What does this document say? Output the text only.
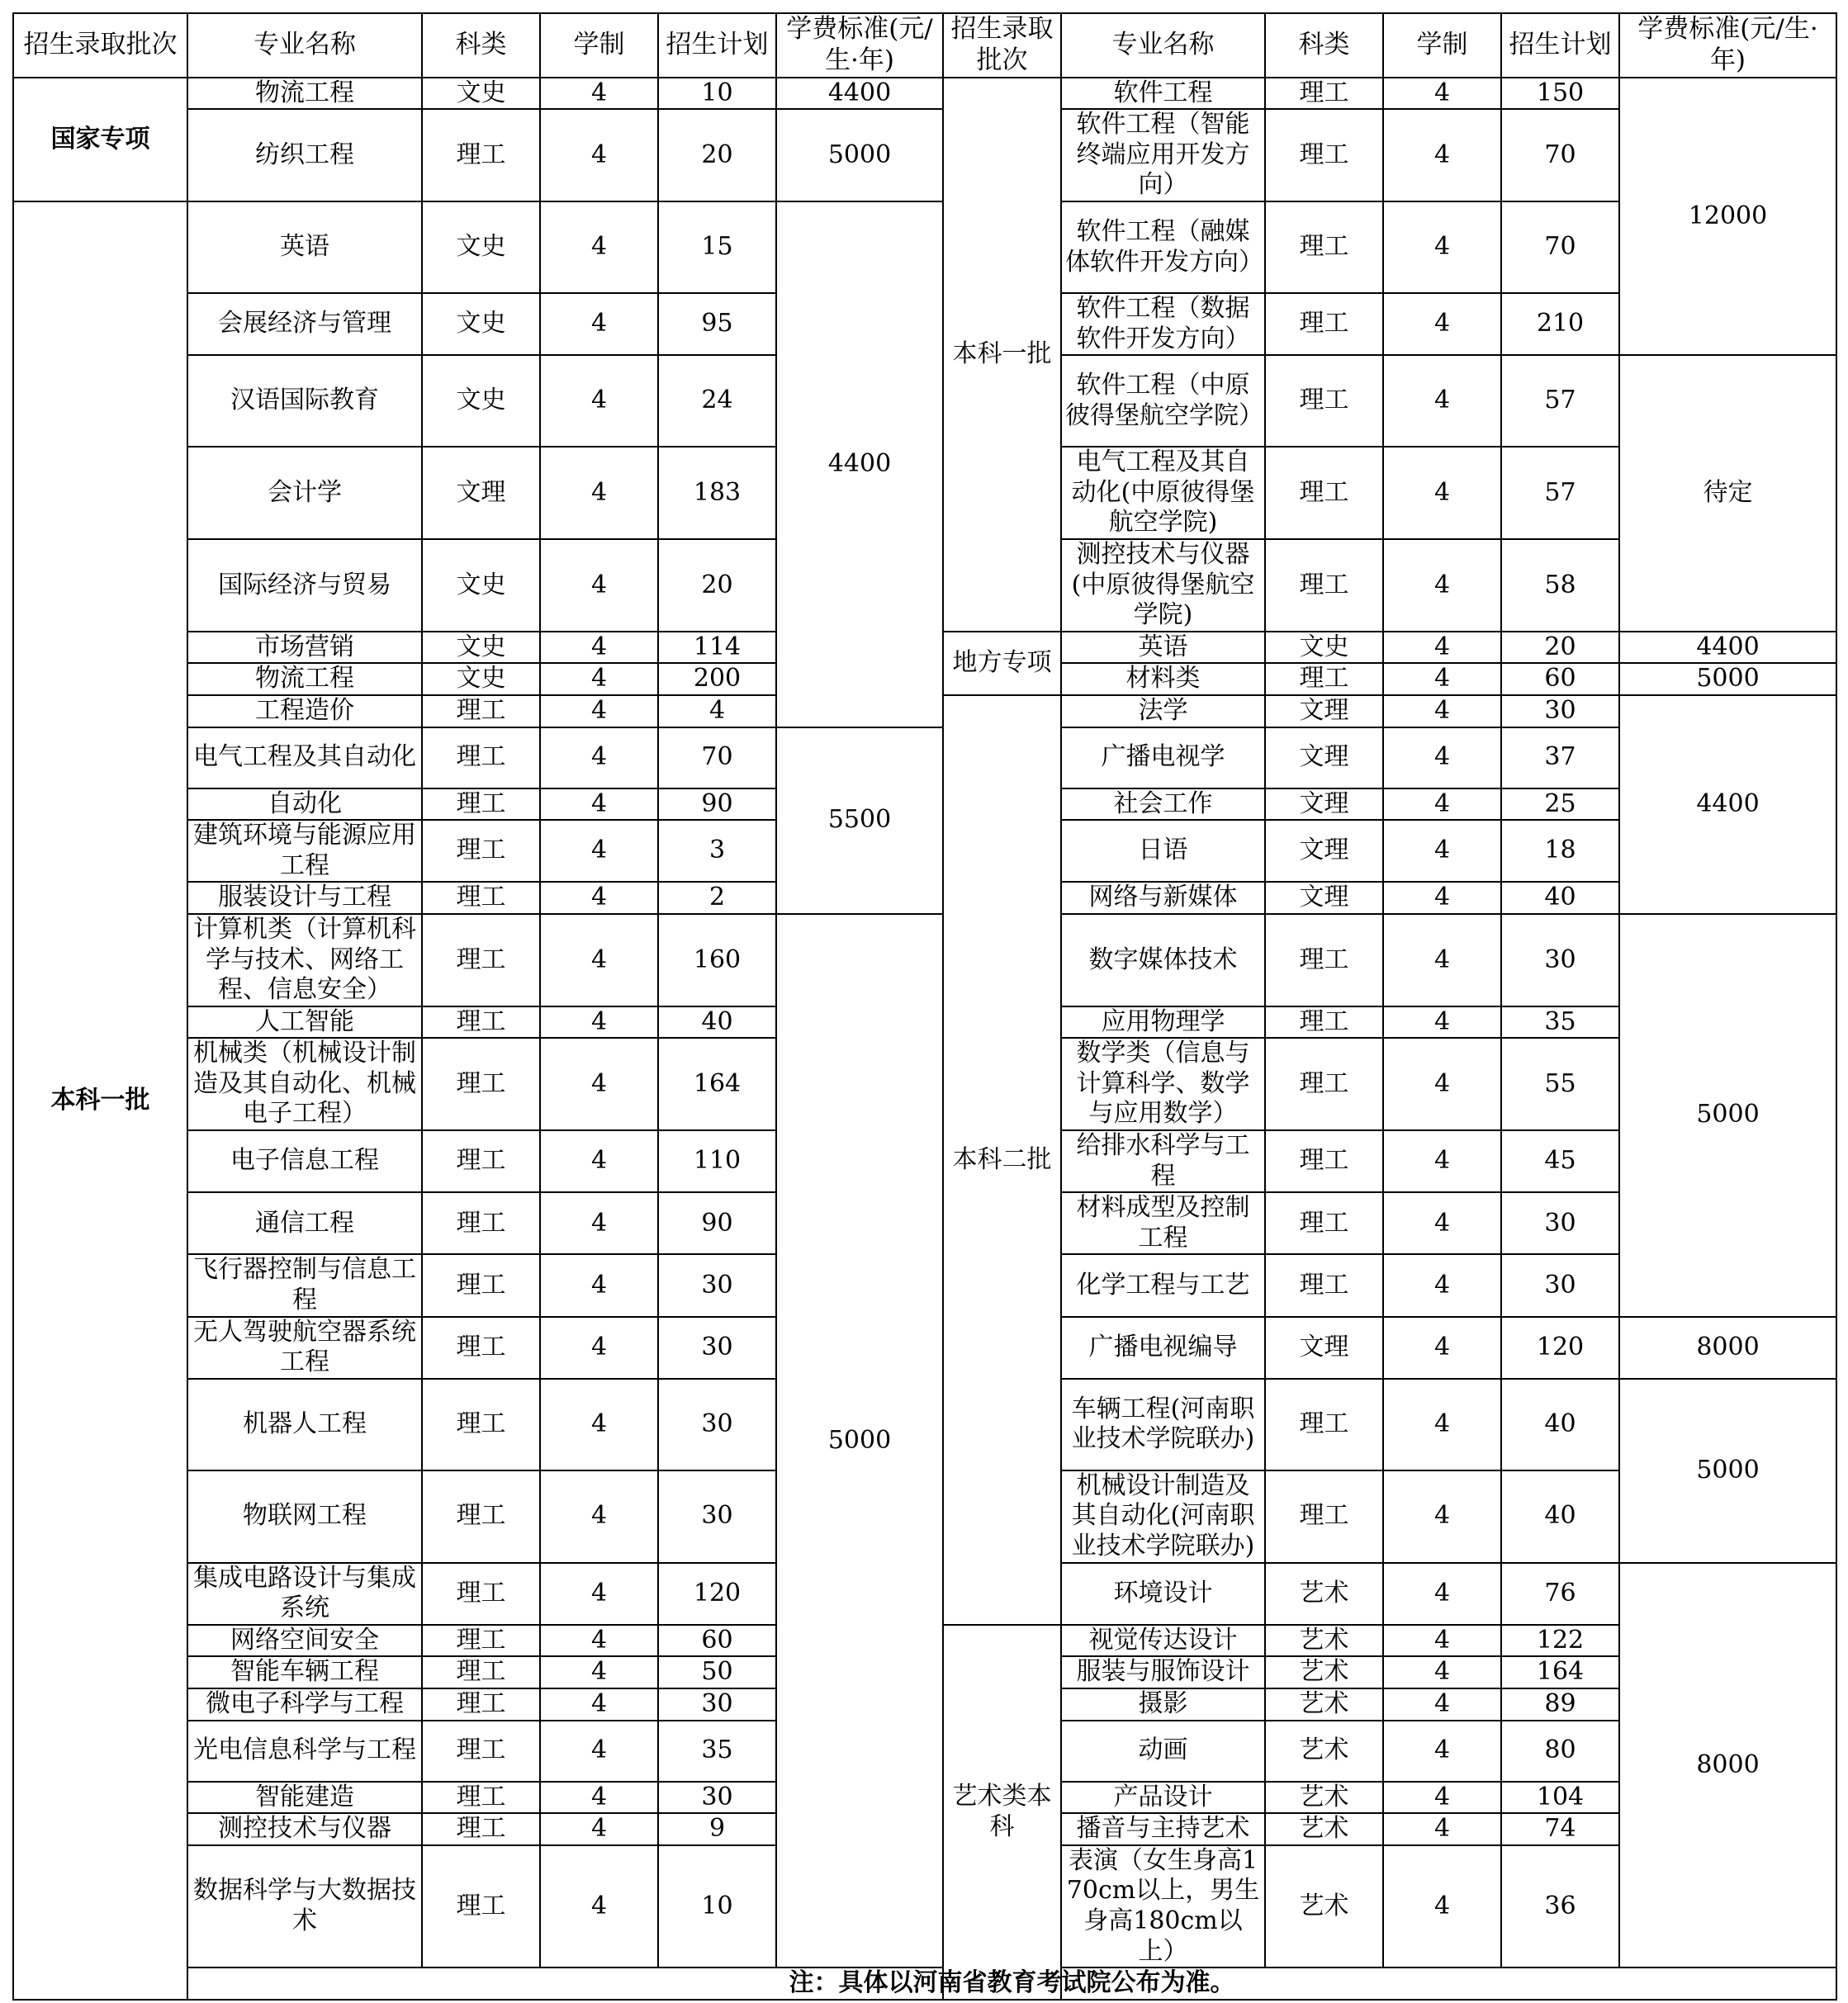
招生录取批次	专业名称	科类	学制	招生计划	学费标准(元/生·年)	招生录取批次	专业名称	科类	学制	招生计划	学费标准(元/生·年)
国家专项	物流工程	文史	4	10	4400	本科一批	软件工程	理工	4	150	12000
	纺织工程	理工	4	20	5000		软件工程（智能终端应用开发方向）	理工	4	70	
本科一批	英语	文史	4	15	4400		软件工程（融媒体软件开发方向）	理工	4	70	
	会展经济与管理	文史	4	95			软件工程（数据软件开发方向）	理工	4	210	
	汉语国际教育	文史	4	24			软件工程（中原彼得堡航空学院）	理工	4	57	待定
	会计学	文理	4	183			电气工程及其自动化(中原彼得堡航空学院)	理工	4	57	
	国际经济与贸易	文史	4	20			测控技术与仪器(中原彼得堡航空学院)	理工	4	58	
	市场营销	文史	4	114		地方专项	英语	文史	4	20	4400
	物流工程	文史	4	200			材料类	理工	4	60	5000
	工程造价	理工	4	4		本科二批	法学	文理	4	30	4400
	电气工程及其自动化	理工	4	70	5500		广播电视学	文理	4	37	
	自动化	理工	4	90			社会工作	文理	4	25	
	建筑环境与能源应用工程	理工	4	3			日语	文理	4	18	
	服装设计与工程	理工	4	2			网络与新媒体	文理	4	40	
	计算机类（计算机科学与技术、网络工程、信息安全）	理工	4	160	5000		数字媒体技术	理工	4	30	5000
	人工智能	理工	4	40			应用物理学	理工	4	35	
	机械类（机械设计制造及其自动化、机械电子工程）	理工	4	164			数学类（信息与计算科学、数学与应用数学）	理工	4	55	
	电子信息工程	理工	4	110			给排水科学与工程	理工	4	45	
	通信工程	理工	4	90			材料成型及控制工程	理工	4	30	
	飞行器控制与信息工程	理工	4	30			化学工程与工艺	理工	4	30	
	无人驾驶航空器系统工程	理工	4	30			广播电视编导	文理	4	120	8000
	机器人工程	理工	4	30			车辆工程(河南职业技术学院联办)	理工	4	40	5000
	物联网工程	理工	4	30			机械设计制造及其自动化(河南职业技术学院联办)	理工	4	40	
	集成电路设计与集成系统	理工	4	120			环境设计	艺术	4	76	8000
	网络空间安全	理工	4	60		艺术类本科	视觉传达设计	艺术	4	122	
	智能车辆工程	理工	4	50			服装与服饰设计	艺术	4	164	
	微电子科学与工程	理工	4	30			摄影	艺术	4	89	
	光电信息科学与工程	理工	4	35			动画	艺术	4	80	
	智能建造	理工	4	30			产品设计	艺术	4	104	
	测控技术与仪器	理工	4	9			播音与主持艺术	艺术	4	74	
	数据科学与大数据技术	理工	4	10			表演（女生身高170cm以上，男生身高180cm以上）	艺术	4	36	
	注：具体以河南省教育考试院公布为准。										
